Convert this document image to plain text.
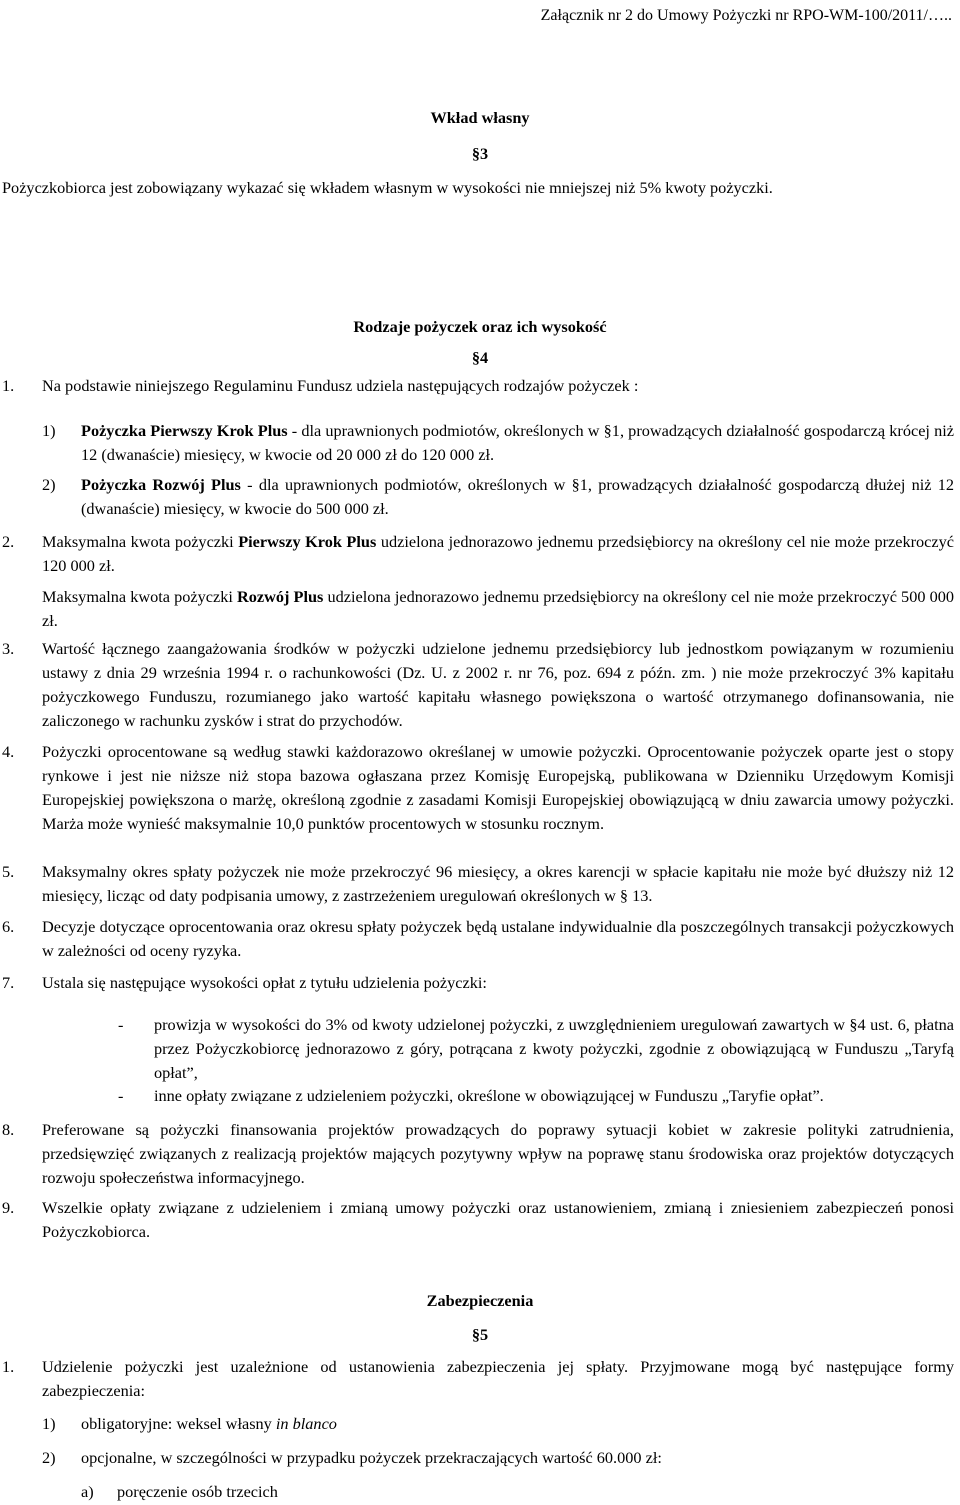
Załącznik nr 2 do Umowy Pożyczki nr RPO-WM-100/2011/…..
Wkład własny
§3
Pożyczkobiorca jest zobowiązany wykazać się wkładem własnym w wysokości nie mniejszej niż 5% kwoty pożyczki.
Rodzaje pożyczek oraz ich wysokość
§4
1. Na podstawie niniejszego Regulaminu Fundusz udziela następujących rodzajów pożyczek :
1) Pożyczka Pierwszy Krok Plus - dla uprawnionych podmiotów, określonych w §1, prowadzących działalność gospodarczą krócej niż 12 (dwanaście) miesięcy, w kwocie od 20 000 zł do 120 000 zł.
2) Pożyczka Rozwój Plus - dla uprawnionych podmiotów, określonych w §1, prowadzących działalność gospodarczą dłużej niż 12 (dwanaście) miesięcy, w kwocie do 500 000 zł.
2. Maksymalna kwota pożyczki Pierwszy Krok Plus udzielona jednorazowo jednemu przedsiębiorcy na określony cel nie może przekroczyć 120 000 zł.
Maksymalna kwota pożyczki Rozwój Plus udzielona jednorazowo jednemu przedsiębiorcy na określony cel nie może przekroczyć 500 000 zł.
3. Wartość łącznego zaangażowania środków w pożyczki udzielone jednemu przedsiębiorcy lub jednostkom powiązanym w rozumieniu ustawy z dnia 29 września 1994 r. o rachunkowości (Dz. U. z 2002 r. nr 76, poz. 694 z późn. zm. ) nie może przekroczyć 3% kapitału pożyczkowego Funduszu, rozumianego jako wartość kapitału własnego powiększona o wartość otrzymanego dofinansowania, nie zaliczonego w rachunku zysków i strat do przychodów.
4. Pożyczki oprocentowane są według stawki każdorazowo określanej w umowie pożyczki. Oprocentowanie pożyczek oparte jest o stopy rynkowe i jest nie niższe niż stopa bazowa ogłaszana przez Komisję Europejską, publikowana w Dzienniku Urzędowym Komisji Europejskiej powiększona o marżę, określoną zgodnie z zasadami Komisji Europejskiej obowiązującą w dniu zawarcia umowy pożyczki. Marża może wynieść maksymalnie 10,0 punktów procentowych w stosunku rocznym.
5. Maksymalny okres spłaty pożyczek nie może przekroczyć 96 miesięcy, a okres karencji w spłacie kapitału nie może być dłuższy niż 12 miesięcy, licząc od daty podpisania umowy, z zastrzeżeniem uregulowań określonych w § 13.
6. Decyzje dotyczące oprocentowania oraz okresu spłaty pożyczek będą ustalane indywidualnie dla poszczególnych transakcji pożyczkowych w zależności od oceny ryzyka.
7. Ustala się następujące wysokości opłat z tytułu udzielenia pożyczki:
- prowizja w wysokości do 3% od kwoty udzielonej pożyczki, z uwzględnieniem uregulowań zawartych w §4 ust. 6, płatna przez Pożyczkobiorcę jednorazowo z góry, potrącana z kwoty pożyczki, zgodnie z obowiązującą w Funduszu „Taryfą opłat”,
- inne opłaty związane z udzieleniem pożyczki, określone w obowiązującej w Funduszu „Taryfie opłat”.
8. Preferowane są pożyczki finansowania projektów prowadzących do poprawy sytuacji kobiet w zakresie polityki zatrudnienia, przedsięwzięć związanych z realizacją projektów mających pozytywny wpływ na poprawę stanu środowiska oraz projektów dotyczących rozwoju społeczeństwa informacyjnego.
9. Wszelkie opłaty związane z udzieleniem i zmianą umowy pożyczki oraz ustanowieniem, zmianą i zniesieniem zabezpieczeń ponosi Pożyczkobiorca.
Zabezpieczenia
§5
1. Udzielenie pożyczki jest uzależnione od ustanowienia zabezpieczenia jej spłaty. Przyjmowane mogą być następujące formy zabezpieczenia:
1) obligatoryjne: weksel własny in blanco
2) opcjonalne, w szczególności w przypadku pożyczek przekraczających wartość 60.000 zł:
a) poręczenie osób trzecich
